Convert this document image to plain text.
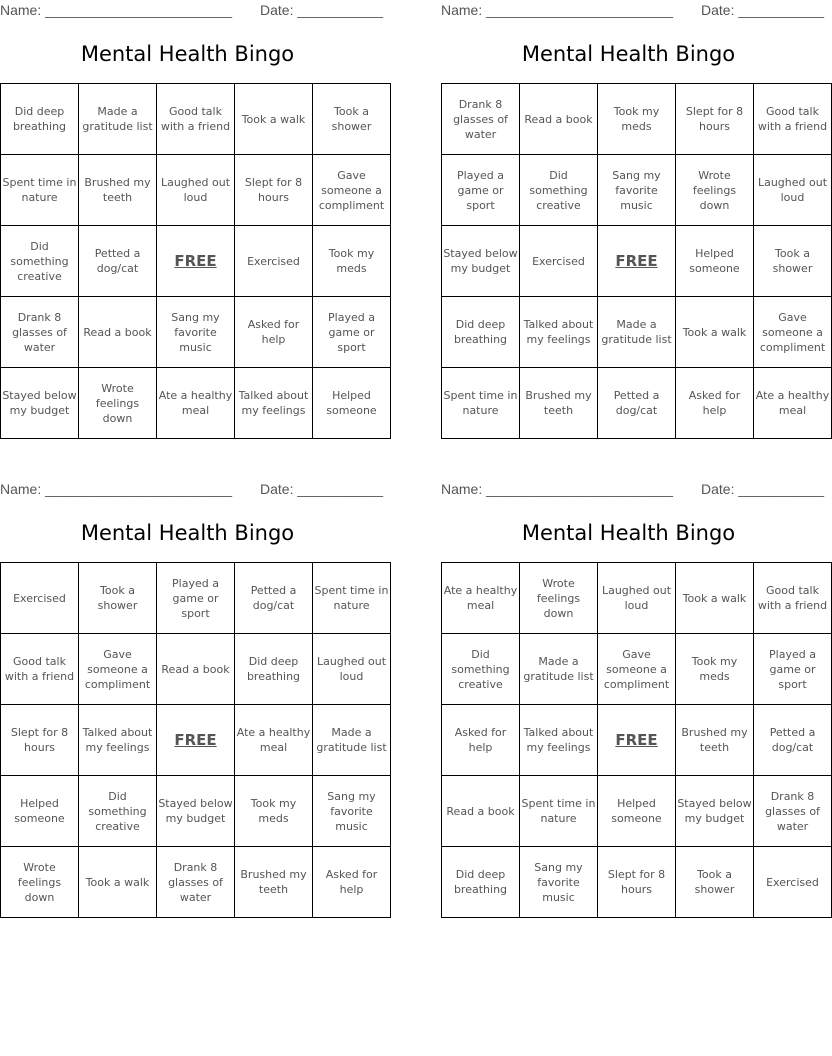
Name: ________________________ Date: ___________
Mental Health Bingo
Did deep breathing	Made a gratitude list	Good talk with a friend	Took a walk	Took a shower
Spent time in nature	Brushed my teeth	Laughed out loud	Slept for 8 hours	Gave someone a compliment
Did something creative	Petted a dog/cat	FREE	Exercised	Took my meds
Drank 8 glasses of water	Read a book	Sang my favorite music	Asked for help	Played a game or sport
Stayed below my budget	Wrote feelings down	Ate a healthy meal	Talked about my feelings	Helped someone
Name: ________________________ Date: ___________
Mental Health Bingo
Drank 8 glasses of water	Read a book	Took my meds	Slept for 8 hours	Good talk with a friend
Played a game or sport	Did something creative	Sang my favorite music	Wrote feelings down	Laughed out loud
Stayed below my budget	Exercised	FREE	Helped someone	Took a shower
Did deep breathing	Talked about my feelings	Made a gratitude list	Took a walk	Gave someone a compliment
Spent time in nature	Brushed my teeth	Petted a dog/cat	Asked for help	Ate a healthy meal
Name: ________________________ Date: ___________
Mental Health Bingo
Exercised	Took a shower	Played a game or sport	Petted a dog/cat	Spent time in nature
Good talk with a friend	Gave someone a compliment	Read a book	Did deep breathing	Laughed out loud
Slept for 8 hours	Talked about my feelings	FREE	Ate a healthy meal	Made a gratitude list
Helped someone	Did something creative	Stayed below my budget	Took my meds	Sang my favorite music
Wrote feelings down	Took a walk	Drank 8 glasses of water	Brushed my teeth	Asked for help
Name: ________________________ Date: ___________
Mental Health Bingo
Ate a healthy meal	Wrote feelings down	Laughed out loud	Took a walk	Good talk with a friend
Did something creative	Made a gratitude list	Gave someone a compliment	Took my meds	Played a game or sport
Asked for help	Talked about my feelings	FREE	Brushed my teeth	Petted a dog/cat
Read a book	Spent time in nature	Helped someone	Stayed below my budget	Drank 8 glasses of water
Did deep breathing	Sang my favorite music	Slept for 8 hours	Took a shower	Exercised
